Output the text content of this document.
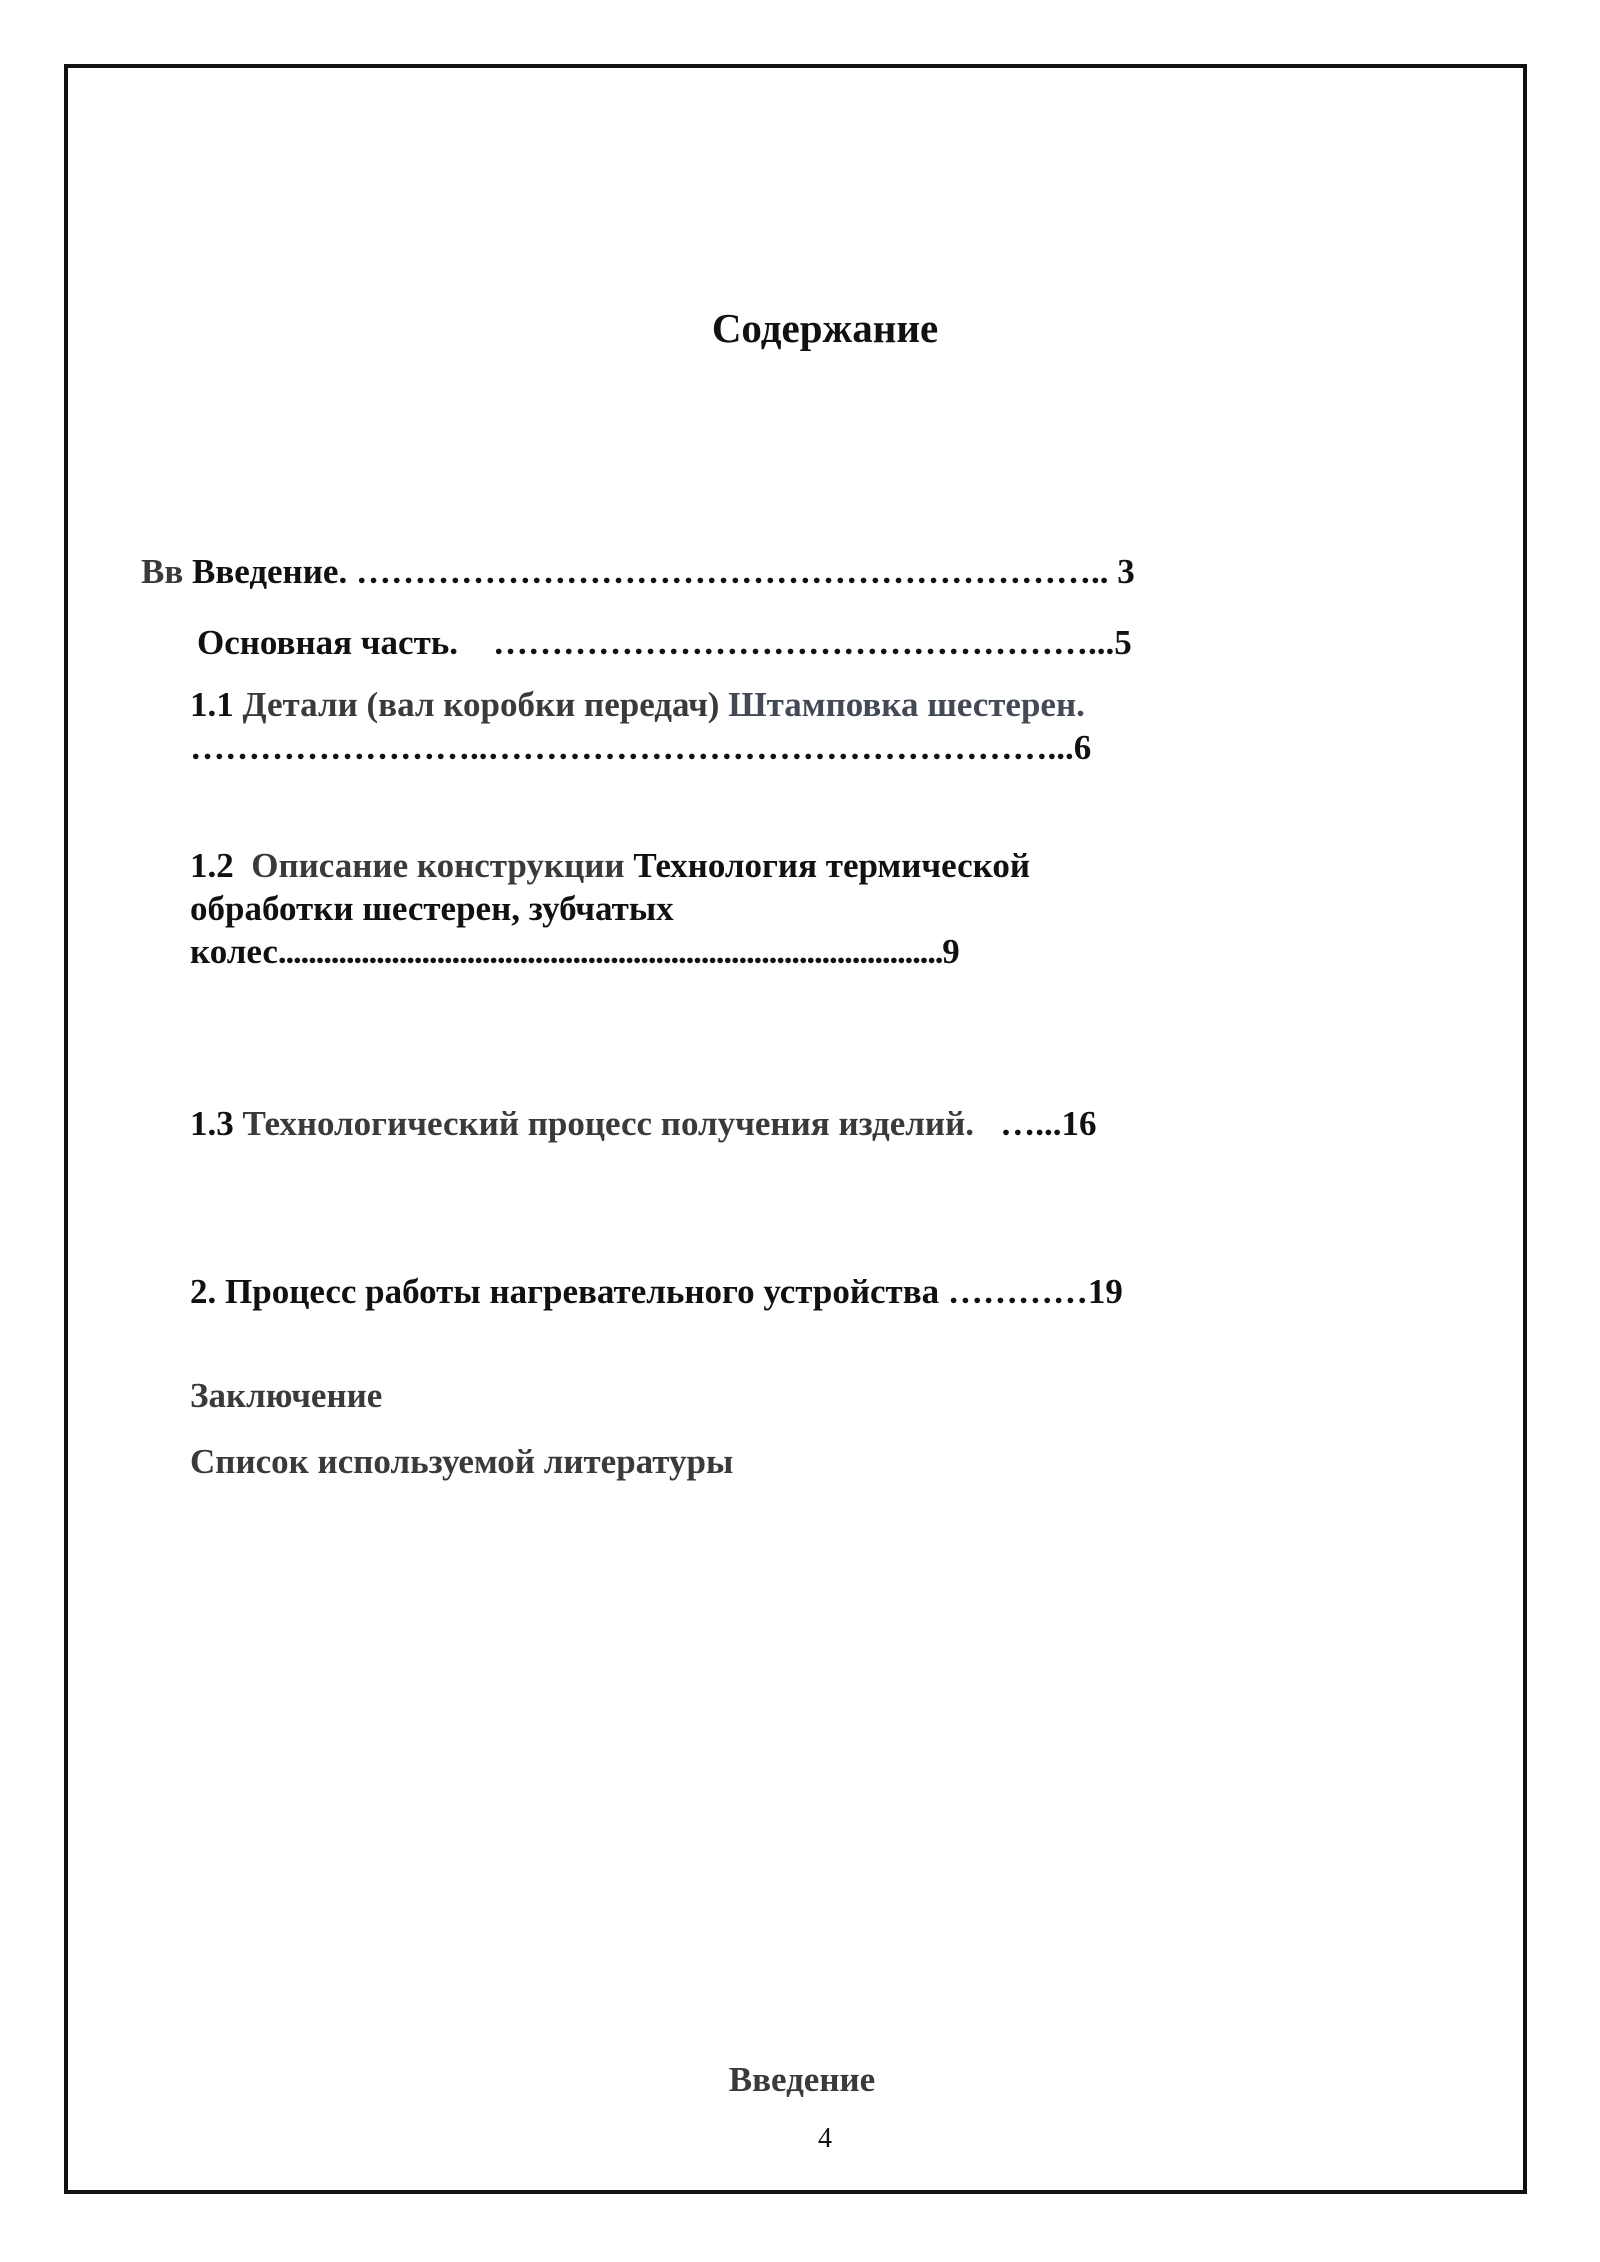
Содержание
Вв Введение. ……………………………………………………….. 3
Основная часть.    ……………………………………………...5
1.1 Детали (вал коробки передач) Штамповка шестерен.
……………………..…………………………………………...6
1.2  Описание конструкции Технология термической
обработки шестерен, зубчатых
колес........................................................................................9
1.3 Технологический процесс получения изделий.   …...16
2. Процесс работы нагревательного устройства …………19
Заключение
Список используемой литературы
Введение
4
